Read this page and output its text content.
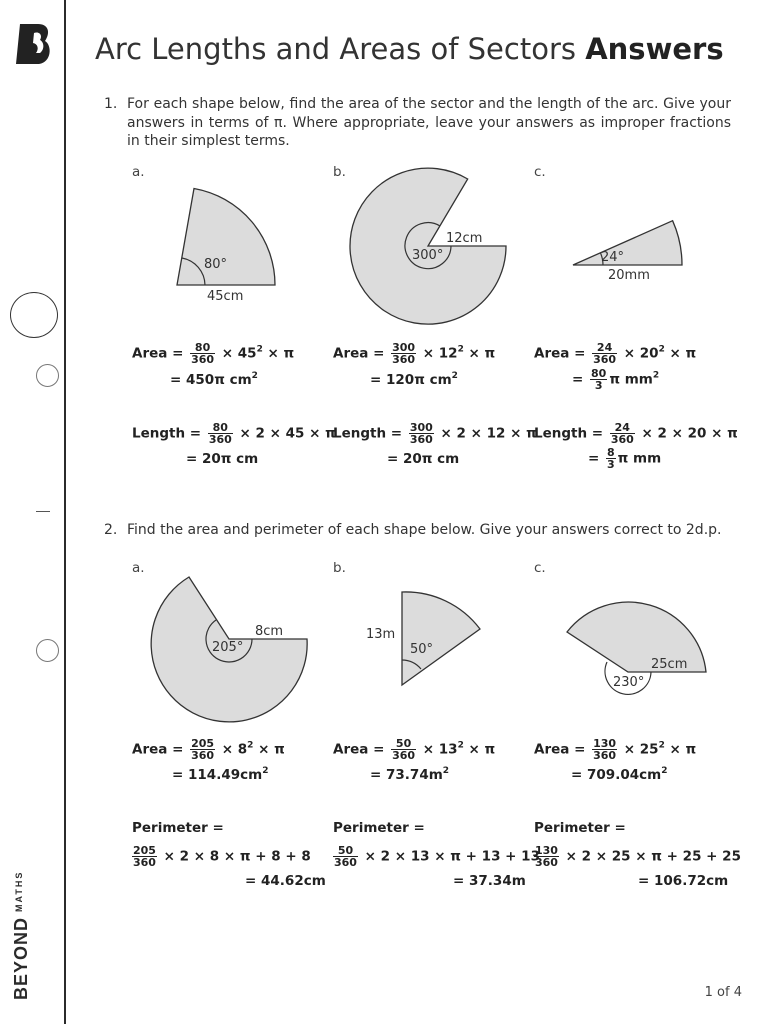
$BEYOND^{MATHS}$
Arc Lengths and Areas of Sectors Answers
1. For each shape below, find the area of the sector and the length of the arc. Give your answers in terms of π. Where appropriate, leave your answers as improper fractions in their simplest terms.
a.	b.	c.
80°
45cm
300°
12cm
24°
20mm
Area = $\frac{80}{360} \times 45^2 \times \pi$
= 450π $cm^2$
Area = $\frac{300}{360} \times 12^2 \times \pi$
= 120π $cm^2$
Area = $\frac{24}{360} \times 20^2 \times \pi$
= $\frac{80}{3}$ π $mm^2$
Length = $\frac{80}{360} \times 2 \times 45 \times \pi$
= 20π cm
Length = $\frac{300}{360} \times 2 \times 12 \times \pi$
= 20π cm
Length = $\frac{24}{360} \times 2 \times 20 \times \pi$
= $\frac{8}{3}$ π mm
2. Find the area and perimeter of each shape below. Give your answers correct to 2d.p.
a.	b.	c.
205°
8cm
50°
13m
230°
25cm
Area = $\frac{205}{360} \times 8^2 \times \pi$
= $114.49cm^2$
Area = $\frac{50}{360} \times 13^2 \times \pi$
= $73.74m^2$
Area = $\frac{130}{360} \times 25^2 \times \pi$
= $709.04cm^2$
Perimeter =
$\frac{205}{360} \times 2 \times 8 \times \pi + 8 + 8$
= 44.62cm
Perimeter =
$\frac{50}{360} \times 2 \times 13 \times \pi + 13 + 13$
= 37.34m
Perimeter =
$\frac{130}{360} \times 2 \times 25 \times \pi + 25 + 25$
= 106.72cm
1 of 4
